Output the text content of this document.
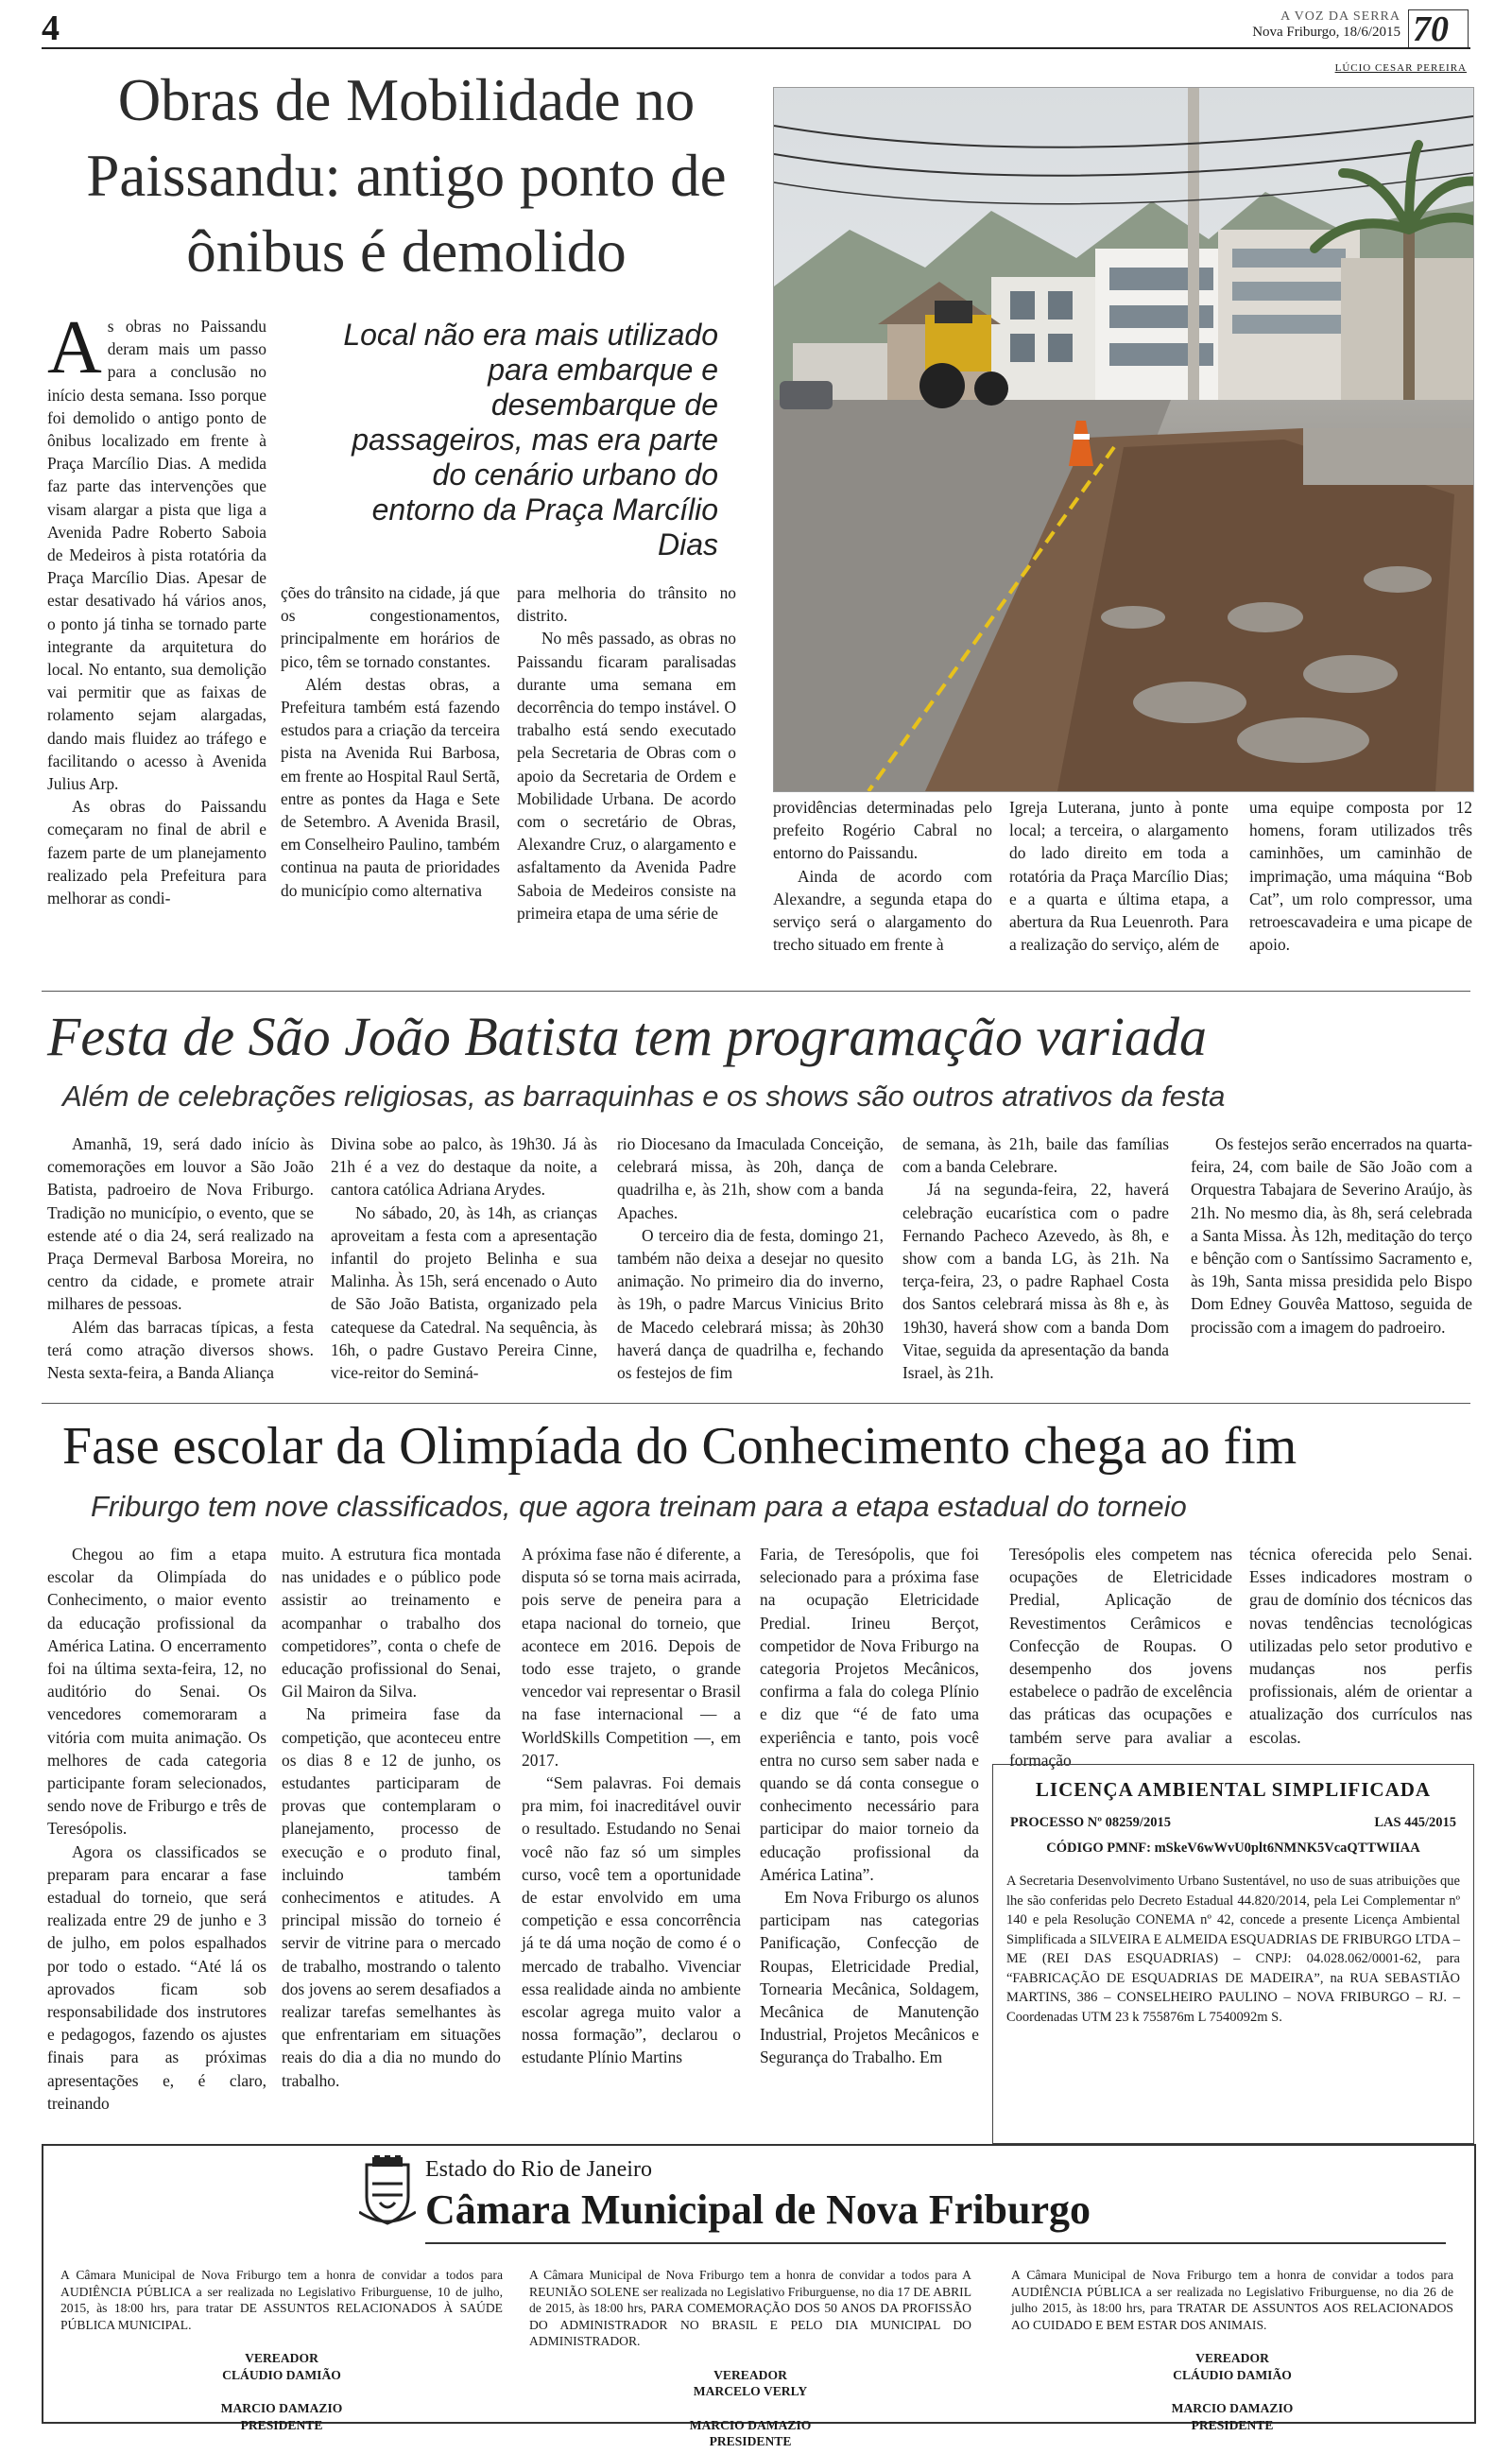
4	A VOZ DA SERRA
Nova Friburgo, 18/6/2015 70
Obras de Mobilidade no Paissandu: antigo ponto de ônibus é demolido
LÚCIO CESAR PEREIRA
Local não era mais utilizado para embarque e desembarque de passageiros, mas era parte do cenário urbano do entorno da Praça Marcílio Dias

As obras no Paissandu deram mais um passo para a conclusão no início desta semana. Isso porque foi demolido o antigo ponto de ônibus localizado em frente à Praça Marcílio Dias. A medida faz parte das intervenções que visam alargar a pista que liga a Avenida Padre Roberto Saboia de Medeiros à pista rotatória da Praça Marcílio Dias. Apesar de estar desativado há vários anos, o ponto já tinha se tornado parte integrante da arquitetura do local. No entanto, sua demolição vai permitir que as faixas de rolamento sejam alargadas, dando mais fluidez ao tráfego e facilitando o acesso à Avenida Julius Arp.

As obras do Paissandu começaram no final de abril e fazem parte de um planejamento realizado pela Prefeitura para melhorar as condi-

ções do trânsito na cidade, já que os congestionamentos, principalmente em horários de pico, têm se tornado constantes.

Além destas obras, a Prefeitura também está fazendo estudos para a criação da terceira pista na Avenida Rui Barbosa, em frente ao Hospital Raul Sertã, entre as pontes da Haga e Sete de Setembro. A Avenida Brasil, em Conselheiro Paulino, também continua na pauta de prioridades do município como alternativa

para melhoria do trânsito no distrito.

No mês passado, as obras no Paissandu ficaram paralisadas durante uma semana em decorrência do tempo instável. O trabalho está sendo executado pela Secretaria de Obras com o apoio da Secretaria de Ordem e Mobilidade Urbana. De acordo com o secretário de Obras, Alexandre Cruz, o alargamento e asfaltamento da Avenida Padre Saboia de Medeiros consiste na primeira etapa de uma série de

providências determinadas pelo prefeito Rogério Cabral no entorno do Paissandu.

Ainda de acordo com Alexandre, a segunda etapa do serviço será o alargamento do trecho situado em frente à

Igreja Luterana, junto à ponte local; a terceira, o alargamento do lado direito em toda a rotatória da Praça Marcílio Dias; e a quarta e última etapa, a abertura da Rua Leuenroth. Para a realização do serviço, além de

uma equipe composta por 12 homens, foram utilizados três caminhões, um caminhão de imprimação, uma máquina “Bob Cat”, um rolo compressor, uma retroescavadeira e uma picape de apoio.

Festa de São João Batista tem programação variada
Além de celebrações religiosas, as barraquinhas e os shows são outros atrativos da festa

Amanhã, 19, será dado início às comemorações em louvor a São João Batista, padroeiro de Nova Friburgo. Tradição no município, o evento, que se estende até o dia 24, será realizado na Praça Dermeval Barbosa Moreira, no centro da cidade, e promete atrair milhares de pessoas.

Além das barracas típicas, a festa terá como atração diversos shows. Nesta sexta-feira, a Banda Aliança

Divina sobe ao palco, às 19h30. Já às 21h é a vez do destaque da noite, a cantora católica Adriana Arydes.

No sábado, 20, às 14h, as crianças aproveitam a festa com a apresentação infantil do projeto Belinha e sua Malinha. Às 15h, será encenado o Auto de São João Batista, organizado pela catequese da Catedral. Na sequência, às 16h, o padre Gustavo Pereira Cinne, vice-reitor do Seminá-

rio Diocesano da Imaculada Conceição, celebrará missa, às 20h, dança de quadrilha e, às 21h, show com a banda Apaches.

O terceiro dia de festa, domingo 21, também não deixa a desejar no quesito animação. No primeiro dia do inverno, às 19h, o padre Marcus Vinicius Brito de Macedo celebrará missa; às 20h30 haverá dança de quadrilha e, fechando os festejos de fim

de semana, às 21h, baile das famílias com a banda Celebrare.

Já na segunda-feira, 22, haverá celebração eucarística com o padre Fernando Pacheco Azevedo, às 8h, e show com a banda LG, às 21h. Na terça-feira, 23, o padre Raphael Costa dos Santos celebrará missa às 8h e, às 19h30, haverá show com a banda Dom Vitae, seguida da apresentação da banda Israel, às 21h.

Os festejos serão encerrados na quarta-feira, 24, com baile de São João com a Orquestra Tabajara de Severino Araújo, às 21h. No mesmo dia, às 8h, será celebrada a Santa Missa. Às 12h, meditação do terço e bênção com o Santíssimo Sacramento e, às 19h, Santa missa presidida pelo Bispo Dom Edney Gouvêa Mattoso, seguida de procissão com a imagem do padroeiro.

Fase escolar da Olimpíada do Conhecimento chega ao fim
Friburgo tem nove classificados, que agora treinam para a etapa estadual do torneio

Chegou ao fim a etapa escolar da Olimpíada do Conhecimento, o maior evento da educação profissional da América Latina. O encerramento foi na última sexta-feira, 12, no auditório do Senai. Os vencedores comemoraram a vitória com muita animação. Os melhores de cada categoria participante foram selecionados, sendo nove de Friburgo e três de Teresópolis.

Agora os classificados se preparam para encarar a fase estadual do torneio, que será realizada entre 29 de junho e 3 de julho, em polos espalhados por todo o estado. “Até lá os aprovados ficam sob responsabilidade dos instrutores e pedagogos, fazendo os ajustes finais para as próximas apresentações e, é claro, treinando

muito. A estrutura fica montada nas unidades e o público pode assistir ao treinamento e acompanhar o trabalho dos competidores”, conta o chefe de educação profissional do Senai, Gil Mairon da Silva.

Na primeira fase da competição, que aconteceu entre os dias 8 e 12 de junho, os estudantes participaram de provas que contemplaram o planejamento, processo de execução e o produto final, incluindo também conhecimentos e atitudes. A principal missão do torneio é servir de vitrine para o mercado de trabalho, mostrando o talento dos jovens ao serem desafiados a realizar tarefas semelhantes às que enfrentariam em situações reais do dia a dia no mundo do trabalho.

A próxima fase não é diferente, a disputa só se torna mais acirrada, pois serve de peneira para a etapa nacional do torneio, que acontece em 2016. Depois de todo esse trajeto, o grande vencedor vai representar o Brasil na fase internacional — a WorldSkills Competition —, em 2017.

“Sem palavras. Foi demais pra mim, foi inacreditável ouvir o resultado. Estudando no Senai você não faz só um simples curso, você tem a oportunidade de estar envolvido em uma competição e essa concorrência já te dá uma noção de como é o mercado de trabalho. Vivenciar essa realidade ainda no ambiente escolar agrega muito valor a nossa formação”, declarou o estudante Plínio Martins

Faria, de Teresópolis, que foi selecionado para a próxima fase na ocupação Eletricidade Predial. Irineu Berçot, competidor de Nova Friburgo na categoria Projetos Mecânicos, confirma a fala do colega Plínio e diz que “é de fato uma experiência e tanto, pois você entra no curso sem saber nada e quando se dá conta consegue o conhecimento necessário para participar do maior torneio da educação profissional da América Latina”.

Em Nova Friburgo os alunos participam nas categorias Panificação, Confecção de Roupas, Eletricidade Predial, Tornearia Mecânica, Soldagem, Mecânica de Manutenção Industrial, Projetos Mecânicos e Segurança do Trabalho. Em

Teresópolis eles competem nas ocupações de Eletricidade Predial, Aplicação de Revestimentos Cerâmicos e Confecção de Roupas. O desempenho dos jovens estabelece o padrão de excelência das práticas das ocupações e também serve para avaliar a formação

técnica oferecida pelo Senai. Esses indicadores mostram o grau de domínio dos técnicos das novas tendências tecnológicas utilizadas pelo setor produtivo e mudanças nos perfis profissionais, além de orientar a atualização dos currículos nas escolas.

LICENÇA AMBIENTAL SIMPLIFICADA
PROCESSO Nº 08259/2015	LAS 445/2015
CÓDIGO PMNF: mSkeV6wWvU0plt6NMNK5VcaQTTWIIAA
A Secretaria Desenvolvimento Urbano Sustentável, no uso de suas atribuições que lhe são conferidas pelo Decreto Estadual 44.820/2014, pela Lei Complementar nº 140 e pela Resolução CONEMA nº 42, concede a presente Licença Ambiental Simplificada a SILVEIRA E ALMEIDA ESQUADRIAS DE FRIBURGO LTDA – ME (REI DAS ESQUADRIAS) – CNPJ: 04.028.062/0001-62, para “FABRICAÇÃO DE ESQUADRIAS DE MADEIRA”, na RUA SEBASTIÃO MARTINS, 386 – CONSELHEIRO PAULINO – NOVA FRIBURGO – RJ. – Coordenadas UTM 23 k 755876m L 7540092m S.
Estado do Rio de Janeiro
Câmara Municipal de Nova Friburgo
A Câmara Municipal de Nova Friburgo tem a honra de convidar a todos para AUDIÊNCIA PÚBLICA a ser realizada no Legislativo Friburguense, 10 de julho, 2015, às 18:00 hrs, para tratar DE ASSUNTOS RELACIONADOS À SAÚDE PÚBLICA MUNICIPAL.
VEREADOR
CLÁUDIO DAMIÃO
MARCIO DAMAZIO
PRESIDENTE
A Câmara Municipal de Nova Friburgo tem a honra de convidar a todos para A REUNIÃO SOLENE ser realizada no Legislativo Friburguense, no dia 17 DE ABRIL de 2015, às 18:00 hrs, PARA COMEMORAÇÃO DOS 50 ANOS DA PROFISSÃO DO ADMINISTRADOR NO BRASIL E PELO DIA MUNICIPAL DO ADMINISTRADOR.
VEREADOR
MARCELO VERLY
MARCIO DAMAZIO
PRESIDENTE
A Câmara Municipal de Nova Friburgo tem a honra de convidar a todos para AUDIÊNCIA PÚBLICA a ser realizada no Legislativo Friburguense, no dia 26 de julho 2015, às 18:00 hrs, para TRATAR DE ASSUNTOS AOS RELACIONADOS AO CUIDADO E BEM ESTAR DOS ANIMAIS.
VEREADOR
CLÁUDIO DAMIÃO
MARCIO DAMAZIO
PRESIDENTE
